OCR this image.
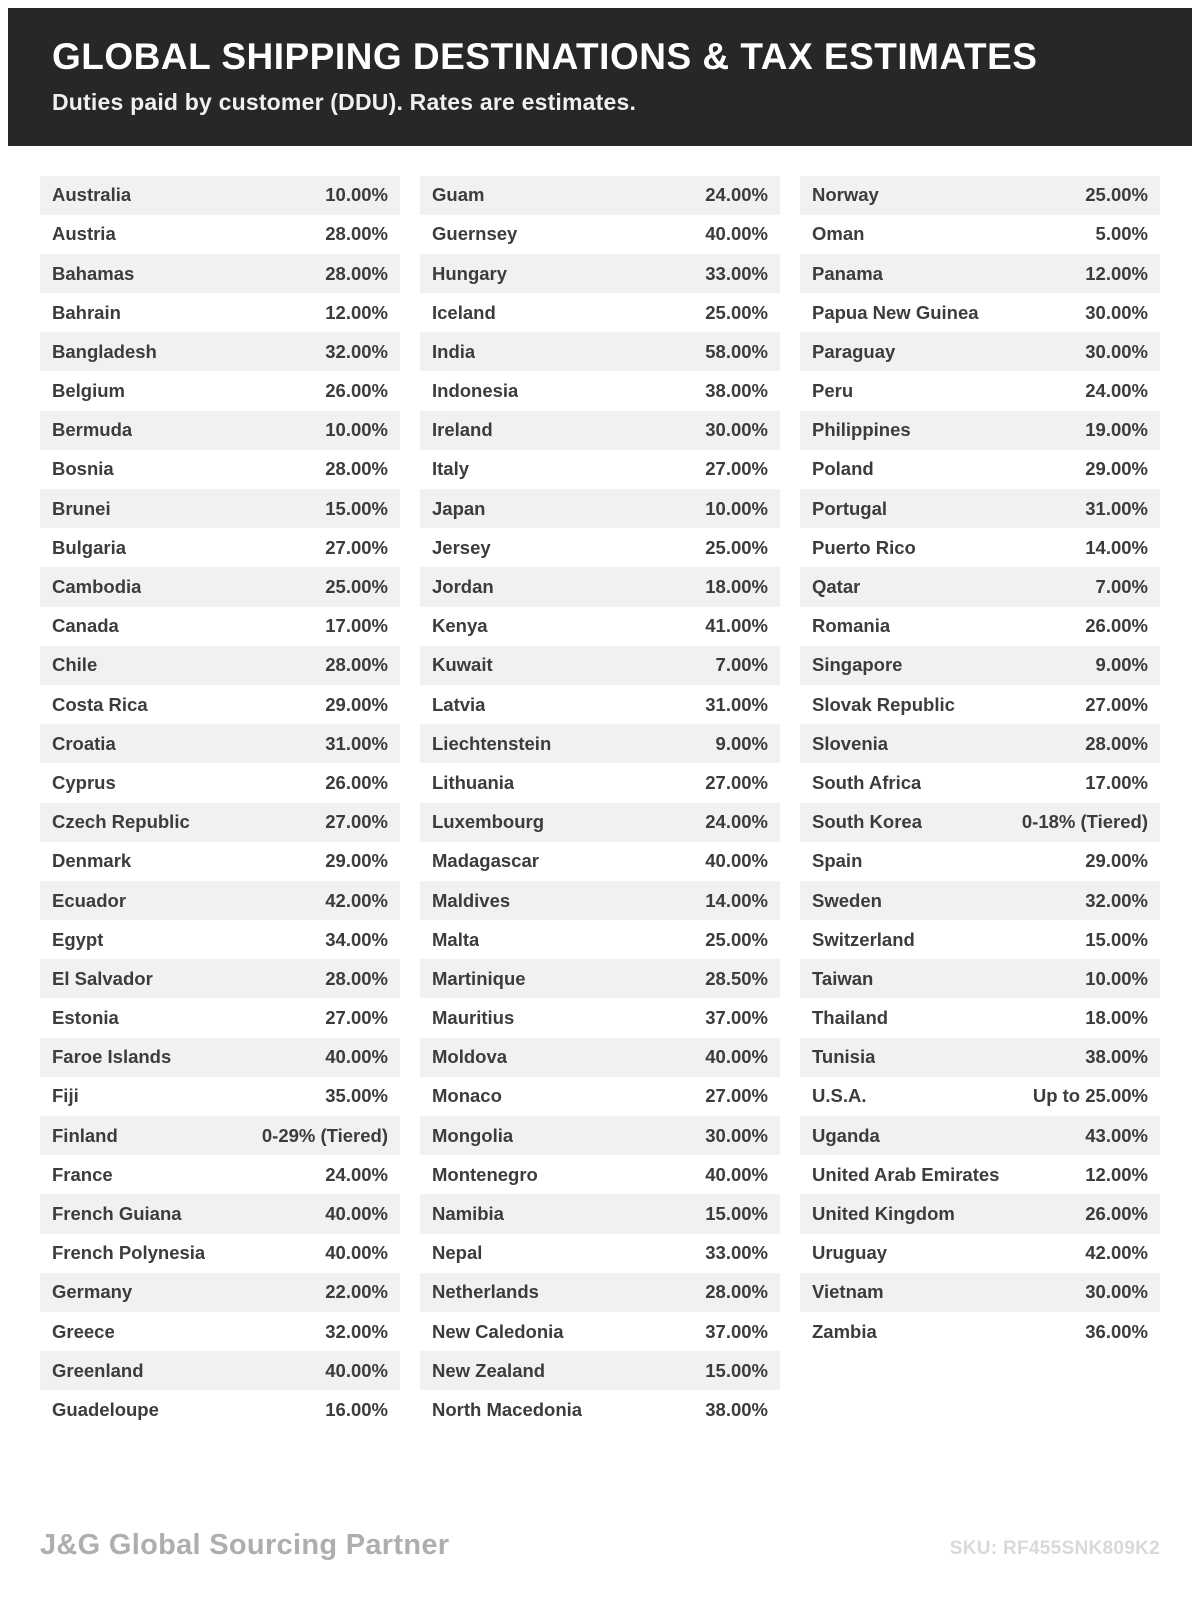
GLOBAL SHIPPING DESTINATIONS & TAX ESTIMATES

Duties paid by customer (DDU). Rates are estimates.

Australia	10.00%
Austria	28.00%
Bahamas	28.00%
Bahrain	12.00%
Bangladesh	32.00%
Belgium	26.00%
Bermuda	10.00%
Bosnia	28.00%
Brunei	15.00%
Bulgaria	27.00%
Cambodia	25.00%
Canada	17.00%
Chile	28.00%
Costa Rica	29.00%
Croatia	31.00%
Cyprus	26.00%
Czech Republic	27.00%
Denmark	29.00%
Ecuador	42.00%
Egypt	34.00%
El Salvador	28.00%
Estonia	27.00%
Faroe Islands	40.00%
Fiji	35.00%
Finland	0-29% (Tiered)
France	24.00%
French Guiana	40.00%
French Polynesia	40.00%
Germany	22.00%
Greece	32.00%
Greenland	40.00%
Guadeloupe	16.00%
Guam	24.00%
Guernsey	40.00%
Hungary	33.00%
Iceland	25.00%
India	58.00%
Indonesia	38.00%
Ireland	30.00%
Italy	27.00%
Japan	10.00%
Jersey	25.00%
Jordan	18.00%
Kenya	41.00%
Kuwait	7.00%
Latvia	31.00%
Liechtenstein	9.00%
Lithuania	27.00%
Luxembourg	24.00%
Madagascar	40.00%
Maldives	14.00%
Malta	25.00%
Martinique	28.50%
Mauritius	37.00%
Moldova	40.00%
Monaco	27.00%
Mongolia	30.00%
Montenegro	40.00%
Namibia	15.00%
Nepal	33.00%
Netherlands	28.00%
New Caledonia	37.00%
New Zealand	15.00%
North Macedonia	38.00%
Norway	25.00%
Oman	5.00%
Panama	12.00%
Papua New Guinea	30.00%
Paraguay	30.00%
Peru	24.00%
Philippines	19.00%
Poland	29.00%
Portugal	31.00%
Puerto Rico	14.00%
Qatar	7.00%
Romania	26.00%
Singapore	9.00%
Slovak Republic	27.00%
Slovenia	28.00%
South Africa	17.00%
South Korea	0-18% (Tiered)
Spain	29.00%
Sweden	32.00%
Switzerland	15.00%
Taiwan	10.00%
Thailand	18.00%
Tunisia	38.00%
U.S.A.	Up to 25.00%
Uganda	43.00%
United Arab Emirates	12.00%
United Kingdom	26.00%
Uruguay	42.00%
Vietnam	30.00%
Zambia	36.00%
J&G Global Sourcing Partner	SKU: RF455SNK809K2
